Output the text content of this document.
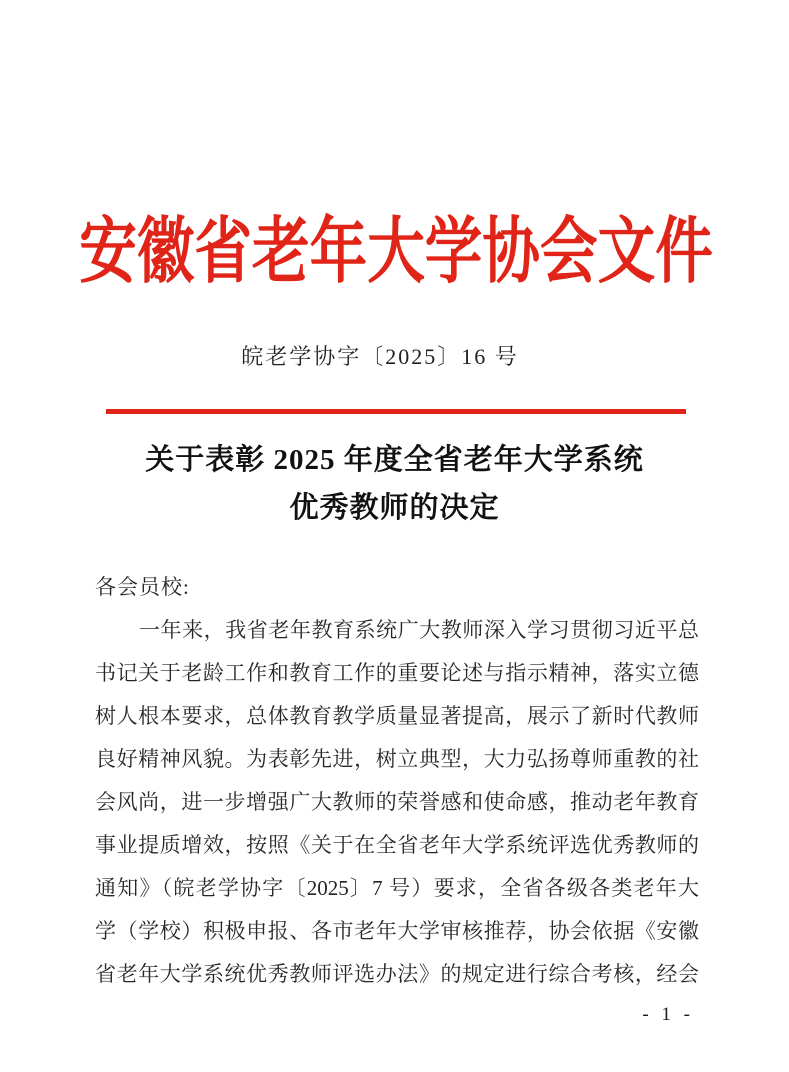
安徽省老年大学协会文件
皖老学协字〔2025〕16 号
关于表彰 2025 年度全省老年大学系统
优秀教师的决定
各会员校:
一年来，我省老年教育系统广大教师深入学习贯彻习近平总
书记关于老龄工作和教育工作的重要论述与指示精神，落实立德
树人根本要求，总体教育教学质量显著提高，展示了新时代教师
良好精神风貌。为表彰先进，树立典型，大力弘扬尊师重教的社
会风尚，进一步增强广大教师的荣誉感和使命感，推动老年教育
事业提质增效，按照《关于在全省老年大学系统评选优秀教师的
通知》（皖老学协字〔2025〕7 号）要求，全省各级各类老年大
学（学校）积极申报、各市老年大学审核推荐，协会依据《安徽
省老年大学系统优秀教师评选办法》的规定进行综合考核，经会
- 1 -
